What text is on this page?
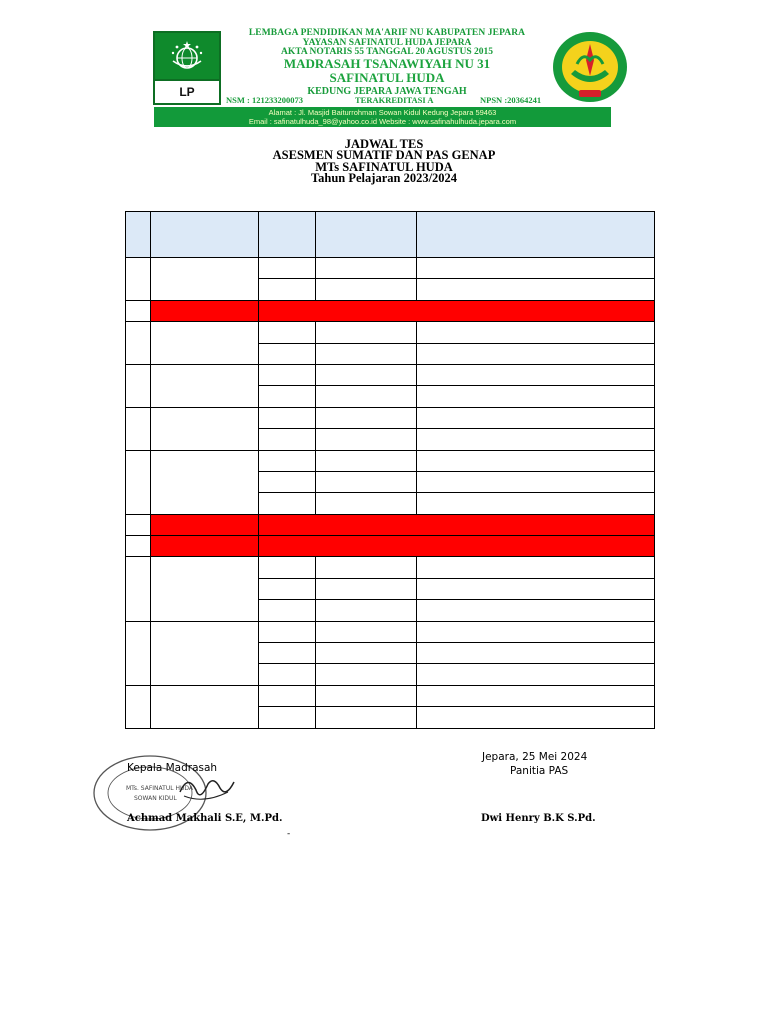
LP
LEMBAGA PENDIDIKAN MA'ARIF NU KABUPATEN JEPARA
YAYASAN SAFINATUL HUDA JEPARA
AKTA NOTARIS 55 TANGGAL 20 AGUSTUS 2015
MADRASAH TSANAWIYAH NU 31
SAFINATUL HUDA
KEDUNG JEPARA JAWA TENGAH
NSM : 121233200073	TERAKREDITASI A	NPSN :20364241
Alamat : Jl. Masjid Baiturrohman Sowan Kidul Kedung Jepara 59463
Email : safinatulhuda_98@yahoo.co.id Website : www.safinahulhuda.jepara.com
JADWAL TES
ASESMEN SUMATIF DAN PAS GENAP
MTs SAFINATUL HUDA
Tahun Pelajaran 2023/2024

MTs. SAFINATUL HUDA
SOWAN KIDUL
Jepara, 25 Mei 2024
Kepala Madrasah	Panitia PAS
Achmad Makhali S.E, M.Pd.	Dwi Henry B.K S.Pd.
-
